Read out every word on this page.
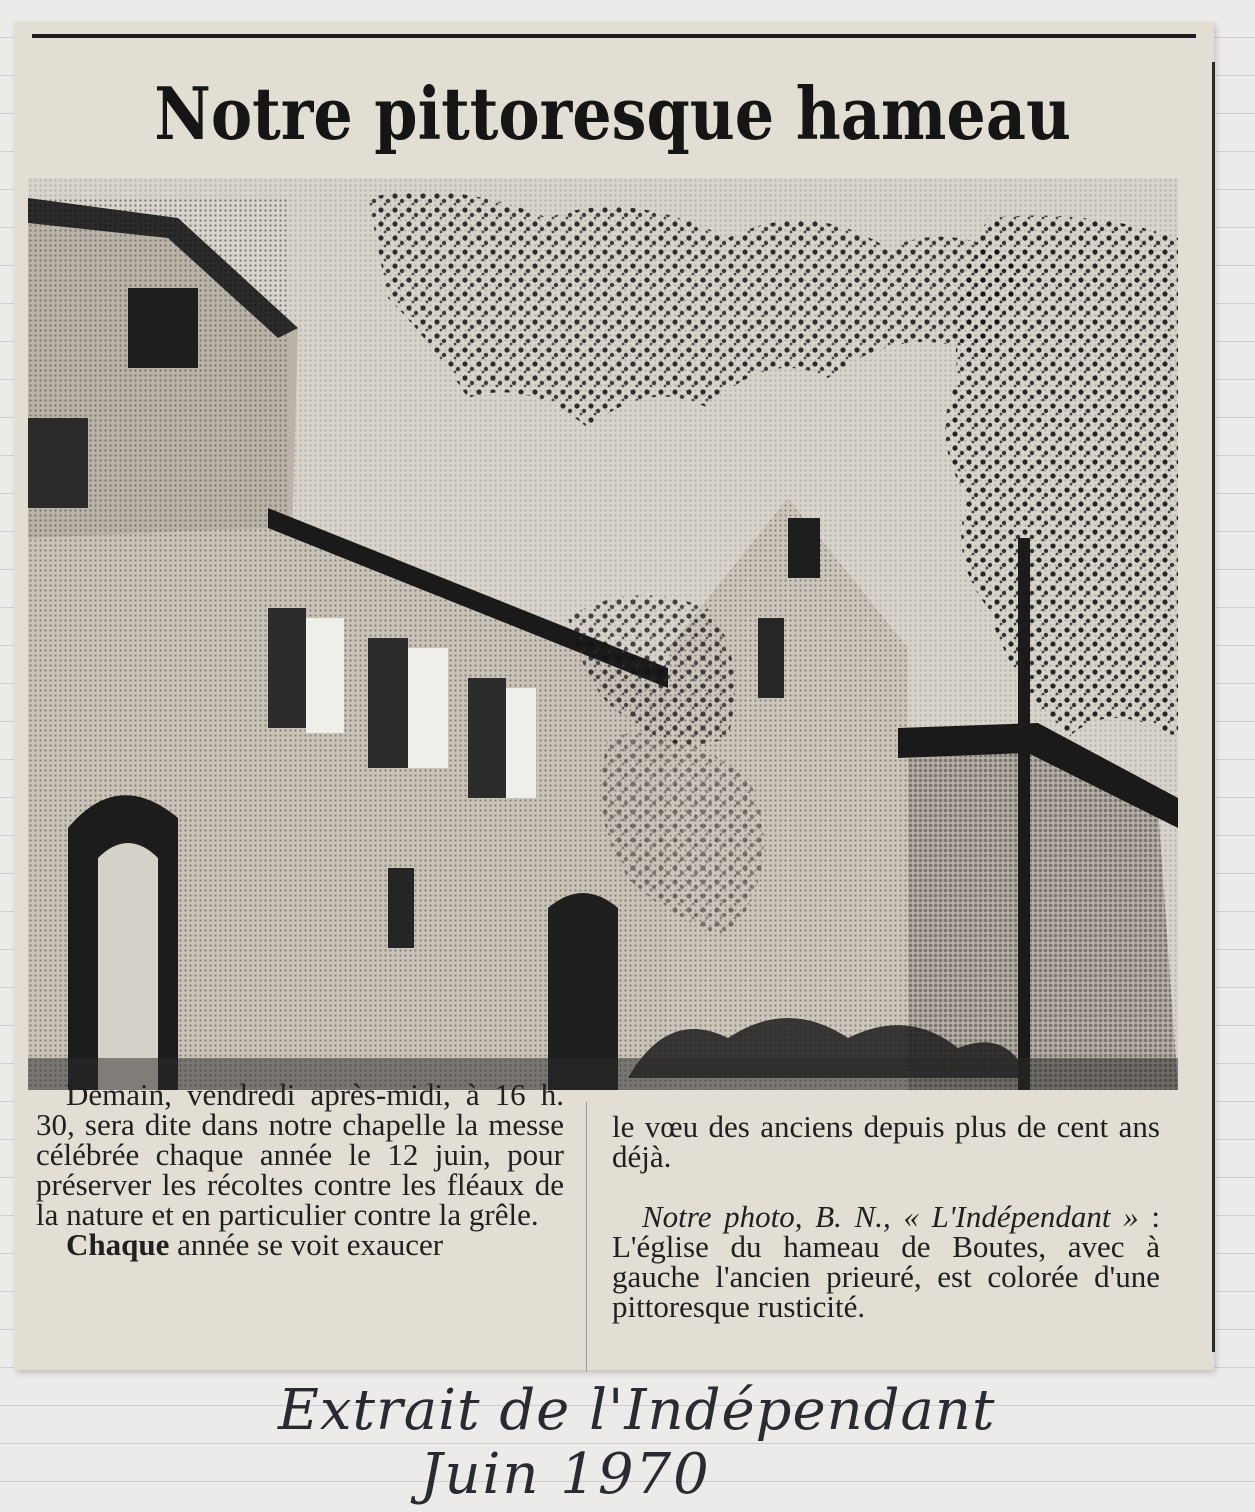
Notre pittoresque hameau

Demain, vendredi après-midi, à 16 h. 30, sera dite dans notre chapelle la messe célébrée chaque année le 12 juin, pour préserver les récoltes contre les fléaux de la nature et en particulier contre la grêle.

Chaque année se voit exaucer

le vœu des anciens depuis plus de cent ans déjà.

Notre photo, B. N., « L'Indépendant » : L'église du hameau de Boutes, avec à gauche l'ancien prieuré, est colorée d'une pittoresque rusticité.

Extrait de l'Indépendant
Juin 1970
